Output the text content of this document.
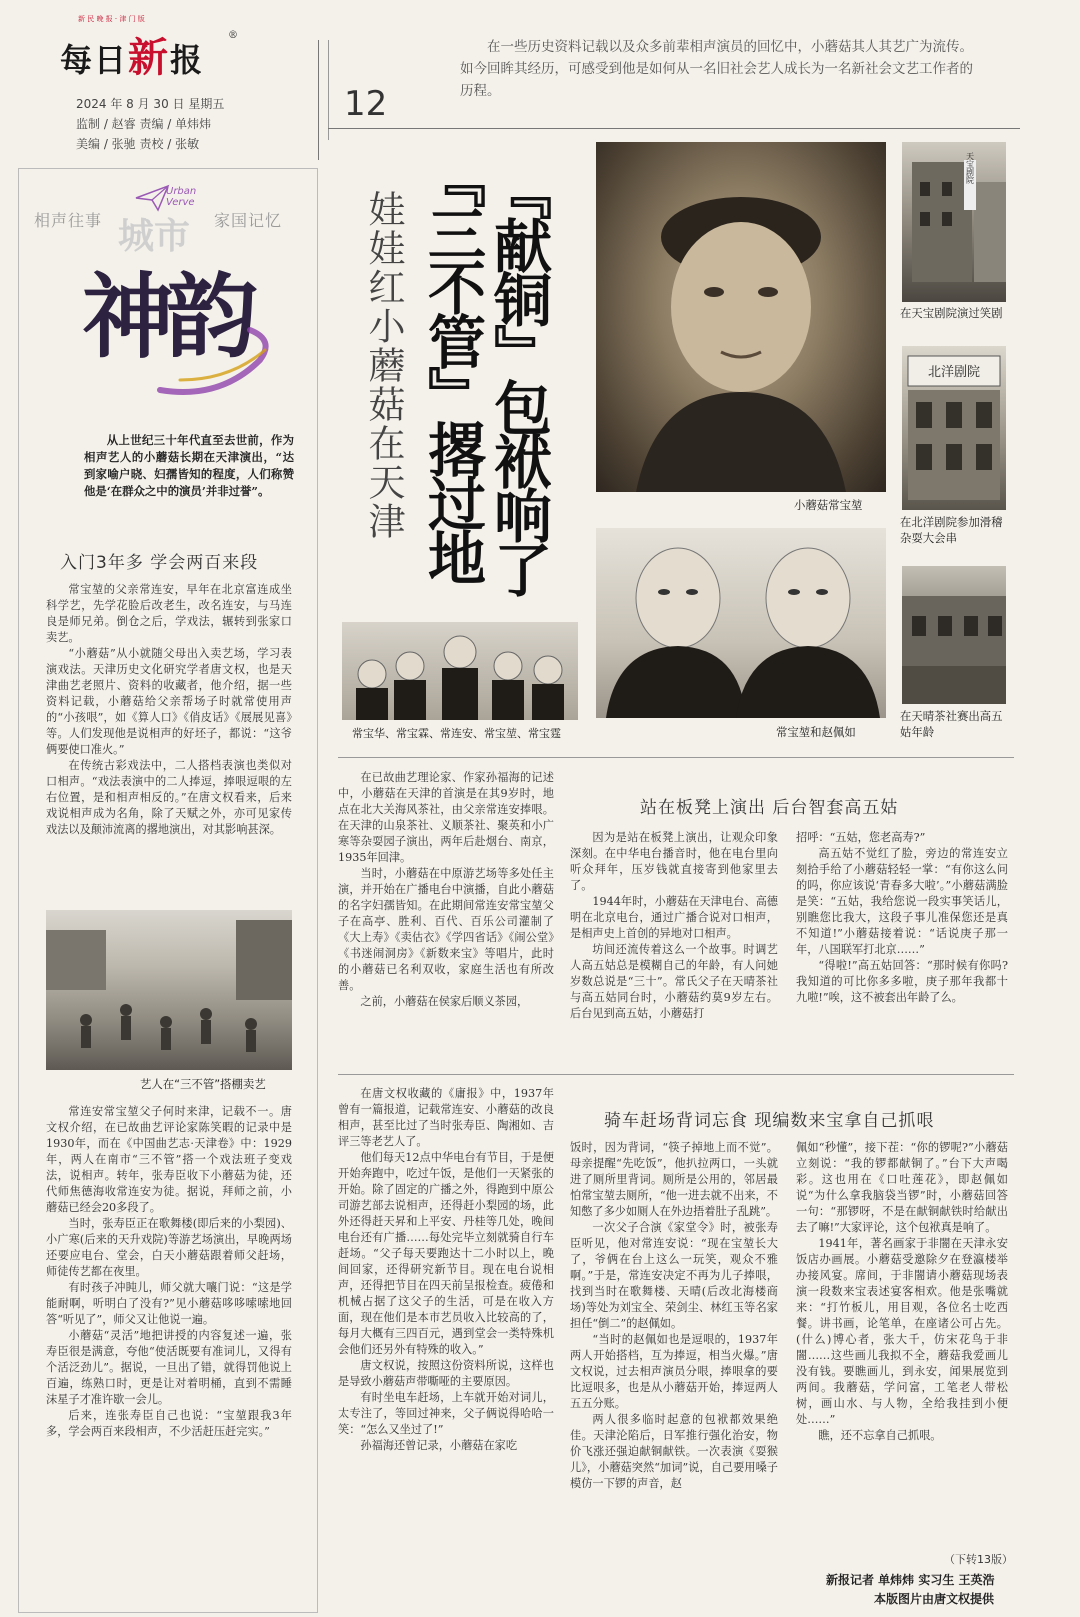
新 民 晚 报 · 津 门 版
每日新报
®
2024 年 8 月 30 日 星期五
监制 / 赵睿 责编 / 单炜炜
美编 / 张驰 责校 / 张敏
12
在一些历史资料记载以及众多前辈相声演员的回忆中，小蘑菇其人其艺广为流传。如今回眸其经历，可感受到他是如何从一名旧社会艺人成长为一名新社会文艺工作者的历程。
相声往事	家国记忆
城市
Urban
Verve
神韵
从上世纪三十年代直至去世前，作为相声艺人的小蘑菇长期在天津演出，“达到家喻户晓、妇孺皆知的程度，人们称赞他是‘在群众之中的演员’并非过誉”。
入门3年多 学会两百来段

常宝堃的父亲常连安，早年在北京富连成坐科学艺，先学花脸后改老生，改名连安，与马连良是师兄弟。倒仓之后，学戏法，辗转到张家口卖艺。

“小蘑菇”从小就随父母出入卖艺场，学习表演戏法。天津历史文化研究学者唐文权，也是天津曲艺老照片、资料的收藏者，他介绍，据一些资料记载，小蘑菇给父亲帮场子时就常使用声的“小孩哏”，如《算人口》《俏皮话》《展展见喜》等。人们发现他是说相声的好坯子，都说：“这爷俩要使口准火。”

在传统古彩戏法中，二人搭档表演也类似对口相声。“戏法表演中的二人捧逗，捧哏逗哏的左右位置，是和相声相反的。”在唐文权看来，后来戏说相声成为名角，除了天赋之外，亦可见家传戏法以及颠沛流离的撂地演出，对其影响甚深。

艺人在“三不管”搭棚卖艺

常连安常宝堃父子何时来津，记载不一。唐文权介绍，在已故曲艺评论家陈笑暇的记录中是1930年，而在《中国曲艺志·天津卷》中：1929年，两人在南市“三不管”搭一个戏法班子变戏法，说相声。转年，张寿臣收下小蘑菇为徒，还代师焦德海收常连安为徒。据说，拜师之前，小蘑菇已经会20多段了。

当时，张寿臣正在歌舞楼(即后来的小梨园)、小广寒(后来的天升戏院)等游艺场演出，早晚两场还要应电台、堂会，白天小蘑菇跟着师父赶场，师徒传艺都在夜里。

有时孩子冲盹儿，师父就大嚷门说：“这是学能耐啊，听明白了没有?”见小蘑菇哆哆嗦嗦地回答“听见了”，师父又让他说一遍。

小蘑菇“灵活”地把讲授的内容复述一遍，张寿臣很是满意，夸他“使活既要有准词儿，又得有个活泛劲儿”。据说，一旦出了错，就得罚他说上百遍，练熟口时，更是让对着明桶，直到不需睡沫星子才准许歇一会儿。

后来，连张寿臣自己也说：“宝堃跟我3年多，学会两百来段相声，不少活赶压赶完实。”

『献铜』包袱响了
『三不管』撂过地
娃娃红小蘑菇在天津	小蘑菇常宝堃
天宝剧院
在天宝剧院演过笑剧
北洋剧院
在北洋剧院参加滑稽杂耍大会串
在天晴茶社赛出高五姑年龄
常宝堃和赵佩如
常宝华、常宝霖、常连安、常宝堃、常宝霆

在已故曲艺理论家、作家孙福海的记述中，小蘑菇在天津的首演是在其9岁时，地点在北大关海风茶社，由父亲常连安捧哏。在天津的山泉茶社、义顺茶社、聚英和小广寒等杂耍园子演出，两年后赴烟台、南京，1935年回津。

当时，小蘑菇在中原游艺场等多处任主演，并开始在广播电台中演播，自此小蘑菇的名字妇孺皆知。在此期间常连安常宝堃父子在高亭、胜利、百代、百乐公司灌制了《大上寿》《卖估衣》《学四省话》《闹公堂》《书迷闹洞房》《新数来宝》等唱片，此时的小蘑菇已名利双收，家庭生活也有所改善。

之前，小蘑菇在侯家后顺义茶园，

站在板凳上演出 后台智套高五姑

因为是站在板凳上演出，让观众印象深刻。在中华电台播音时，他在电台里向听众拜年，压岁钱就直接寄到他家里去了。

1944年时，小蘑菇在天津电台、高德明在北京电台，通过广播合说对口相声，是相声史上首创的异地对口相声。

坊间还流传着这么一个故事。时调艺人高五姑总是模糊自己的年龄，有人问她岁数总说是“三十”。常氏父子在天晴茶社与高五姑同台时，小蘑菇约莫9岁左右。后台见到高五姑，小蘑菇打

招呼：“五姑，您老高寿?”

高五姑不觉红了脸，旁边的常连安立刻拾手给了小蘑菇轻轻一掌：“有你这么问的吗，你应该说‘青春多大啦’。”小蘑菇满脸是笑：“五姑，我给您说一段实事笑话儿，别瞧您比我大，这段子事儿准保您还是真不知道!”小蘑菇接着说：“话说庚子那一年，八国联军打北京……”

“得啦!”高五姑回答：“那时候有你吗?我知道的可比你多多啦，庚子那年我都十九啦!”唉，这不被套出年龄了么。

在唐文权收藏的《庸报》中，1937年曾有一篇报道，记载常连安、小蘑菇的改良相声，甚至比过了当时张寿臣、陶湘如、吉评三等老艺人了。

他们每天12点中华电台有节目，于是便开始奔跑中，吃过午饭，是他们一天紧张的开始。除了固定的广播之外，得跑到中原公司游艺部去说相声，还得赶小梨园的场，此外还得赶天昇和上平安、丹桂等几处，晚间电台还有广播……每处完毕立刻就骑自行车赶场。“父子每天要跑达十二小时以上，晚间回家，还得研究新节目。现在电台说相声，还得把节目在四天前呈报检查。疲倦和机械占据了这父子的生活，可是在收入方面，现在他们是本市艺员收入比较高的了，每月大概有三四百元，遇到堂会一类特殊机会他们还另外有特殊的收入。”

唐文权说，按照这份资料所说，这样也是导致小蘑菇声带嘶哑的主要原因。

有时坐电车赶场，上车就开始对词儿，太专注了，等回过神来，父子俩说得哈哈一笑：“怎么又坐过了!”

孙福海还曾记录，小蘑菇在家吃

骑车赶场背词忘食 现编数来宝拿自己抓哏

饭时，因为背词，“筷子掉地上而不觉”。母亲提醒“先吃饭”，他扒拉两口，一头就进了厕所里背词。厕所是公用的，邻居最怕常宝堃去厕所，“他一进去就不出来，不知憋了多少如厕人在外边捂着肚子乱跳”。

一次父子合演《家堂令》时，被张寿臣听见，他对常连安说：“现在宝堃长大了，爷俩在台上这么一玩笑，观众不雅啊。”于是，常连安决定不再为儿子捧哏，找到当时在歌舞楼、天晴(后改北海楼商场)等处为刘宝全、荣剑尘、林红玉等名家担任“倒二”的赵佩如。

“当时的赵佩如也是逗哏的，1937年两人开始搭档，互为捧逗，相当火爆。”唐文权说，过去相声演员分哏，捧哏拿的要比逗哏多，也是从小蘑菇开始，捧逗两人五五分账。

两人很多临时起意的包袱都效果绝佳。天津沦陷后，日军推行强化治安，物价飞涨还强迫献铜献铁。一次表演《耍猴儿》，小蘑菇突然“加词”说，自己要用嗓子模仿一下锣的声音，赵

佩如“秒懂”，接下茬：“你的锣呢?”小蘑菇立刻说：“我的锣都献铜了。”台下大声喝彩。这也用在《口吐莲花》，即赵佩如说“为什么拿我脑袋当锣”时，小蘑菇回答一句：“那锣呀，不是在献铜献铁时给献出去了嘛!”大家评论，这个包袱真是响了。

1941年，著名画家于非闇在天津永安饭店办画展。小蘑菇受邀除夕在登瀛楼举办接风宴。席间，于非闇请小蘑菇现场表演一段数来宝表述宴客相欢。他是张嘴就来：“打竹板儿，用目观，各位名士吃西餐。讲书画，论笔单，在座诸公可占先。(什么)博心者，张大千，仿宋花鸟于非闇……这些画儿我拟不全，蘑菇我爱画儿没有钱。要瞧画儿，到永安，闻果展览到两间。我蘑菇，学问富，工笔老人带松树，画山水、与人物，全给我挂到小便处……”

瞧，还不忘拿自己抓哏。

（下转13版）
新报记者 单炜炜 实习生 王英浩
本版图片由唐文权提供
